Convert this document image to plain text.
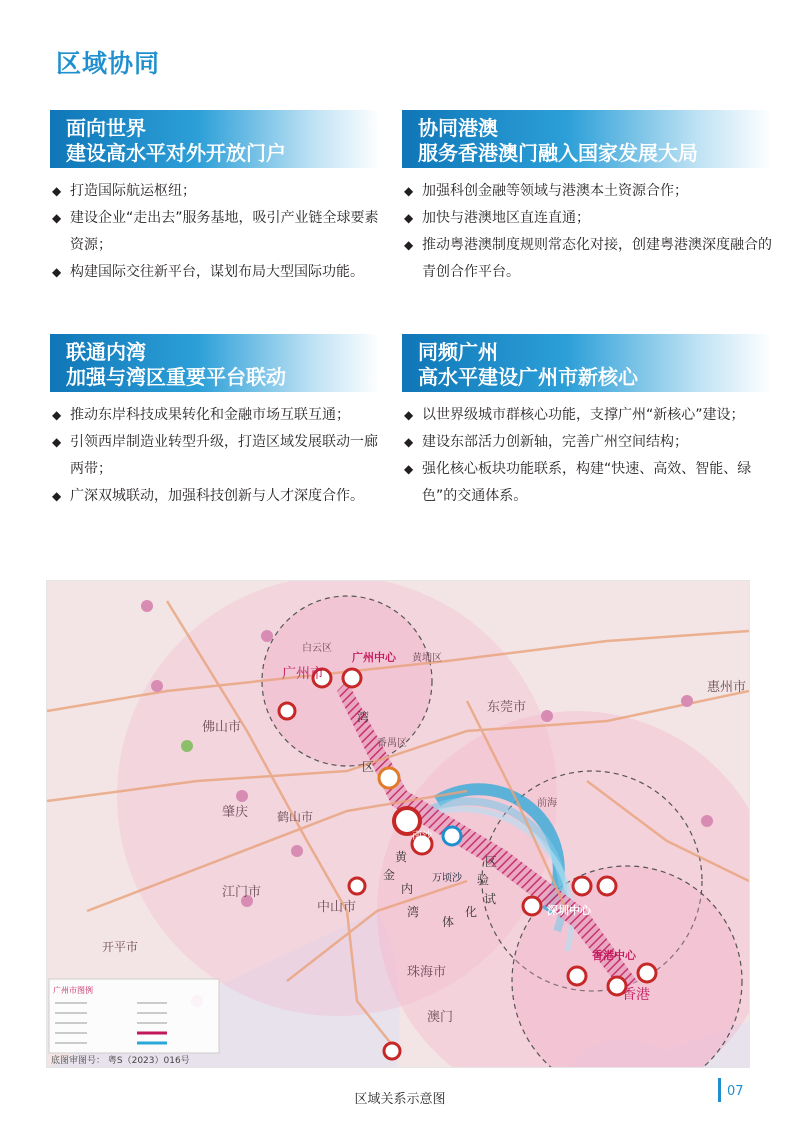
区域协同
面向世界
建设高水平对外开放门户
◆ 打造国际航运枢纽；
◆ 建设企业“走出去”服务基地，吸引产业链全球要素资源；
◆ 构建国际交往新平台，谋划布局大型国际功能。
协同港澳
服务香港澳门融入国家发展大局
◆ 加强科创金融等领域与港澳本土资源合作；
◆ 加快与港澳地区直连直通；
◆ 推动粤港澳制度规则常态化对接，创建粤港澳深度融合的青创合作平台。
联通内湾
加强与湾区重要平台联动
◆ 推动东岸科技成果转化和金融市场互联互通；
◆ 引领西岸制造业转型升级，打造区域发展联动一廊两带；
◆ 广深双城联动，加强科技创新与人才深度合作。
同频广州
高水平建设广州市新核心
◆ 以世界级城市群核心功能，支撑广州“新核心”建设；
◆ 建设东部活力创新轴，完善广州空间结构；
◆ 强化核心板块功能联系，构建“快速、高效、智能、绿色”的交通体系。
广州中心
广州市
佛山市
东莞市
深圳中心
香港中心
香港
珠海市
澳门
中山市
江门市
肇庆
惠州市
开平市
鹤山市
南沙
万顷沙
前海
黄埔区
白云区
番禺区
湾
区
黄
金
内
湾
体
化
试
验
区
广州市图例
底图审图号： 粤S（2023）016号
区域关系示意图
07
